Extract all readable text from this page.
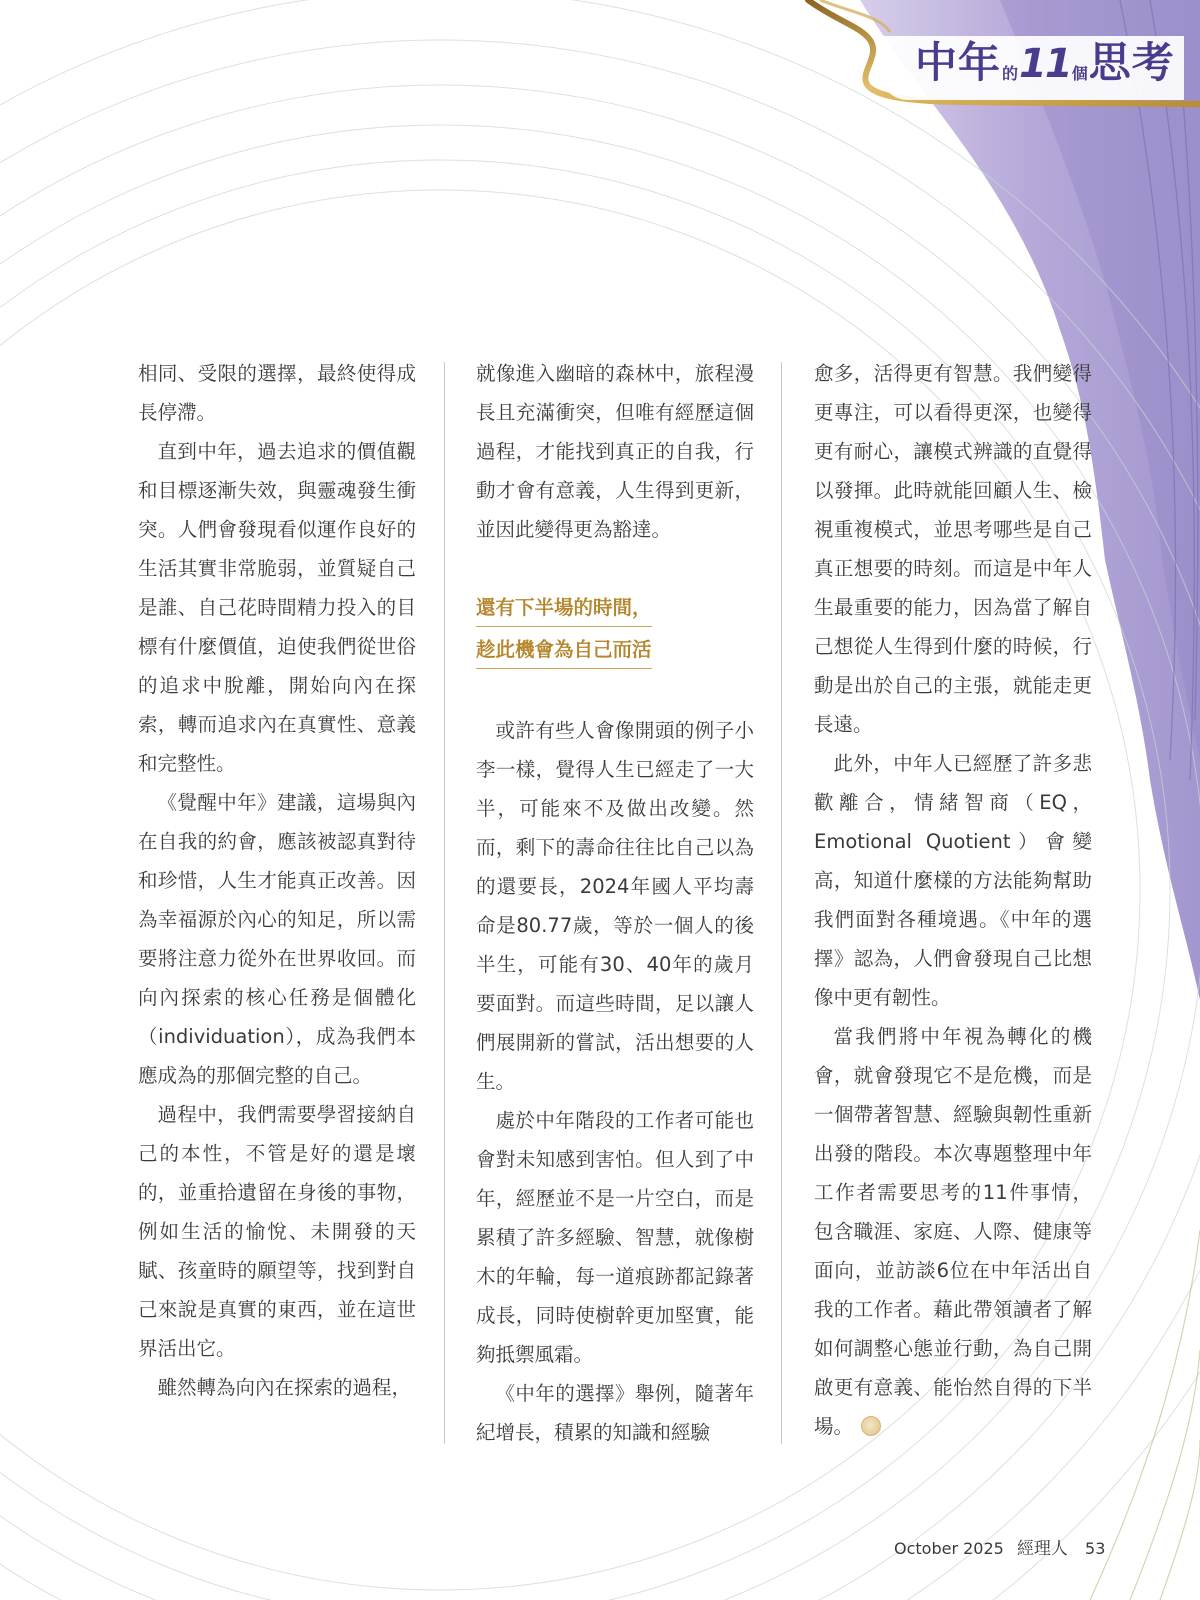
中年的11個思考

相同、受限的選擇，最終使得成長停滯。

直到中年，過去追求的價值觀和目標逐漸失效，與靈魂發生衝突。人們會發現看似運作良好的生活其實非常脆弱，並質疑自己是誰、自己花時間精力投入的目標有什麼價值，迫使我們從世俗的追求中脫離，開始向內在探索，轉而追求內在真實性、意義和完整性。

《覺醒中年》建議，這場與內在自我的約會，應該被認真對待和珍惜，人生才能真正改善。因為幸福源於內心的知足，所以需要將注意力從外在世界收回。而向內探索的核心任務是個體化（individuation），成為我們本應成為的那個完整的自己。

過程中，我們需要學習接納自己的本性，不管是好的還是壞的，並重拾遺留在身後的事物，例如生活的愉悅、未開發的天賦、孩童時的願望等，找到對自己來說是真實的東西，並在這世界活出它。

雖然轉為向內在探索的過程，

就像進入幽暗的森林中，旅程漫長且充滿衝突，但唯有經歷這個過程，才能找到真正的自我，行動才會有意義，人生得到更新，並因此變得更為豁達。

還有下半場的時間，
趁此機會為自己而活

或許有些人會像開頭的例子小李一樣，覺得人生已經走了一大半，可能來不及做出改變。然而，剩下的壽命往往比自己以為的還要長，2024年國人平均壽命是80.77歲，等於一個人的後半生，可能有30、40年的歲月要面對。而這些時間，足以讓人們展開新的嘗試，活出想要的人生。

處於中年階段的工作者可能也會對未知感到害怕。但人到了中年，經歷並不是一片空白，而是累積了許多經驗、智慧，就像樹木的年輪，每一道痕跡都記錄著成長，同時使樹幹更加堅實，能夠抵禦風霜。

《中年的選擇》舉例，隨著年紀增長，積累的知識和經驗

愈多，活得更有智慧。我們變得更專注，可以看得更深，也變得更有耐心，讓模式辨識的直覺得以發揮。此時就能回顧人生、檢視重複模式，並思考哪些是自己真正想要的時刻。而這是中年人生最重要的能力，因為當了解自己想從人生得到什麼的時候，行動是出於自己的主張，就能走更長遠。

此外，中年人已經歷了許多悲歡離合，情緒智商（EQ，Emotional Quotient）會變高，知道什麼樣的方法能夠幫助我們面對各種境遇。《中年的選擇》認為，人們會發現自己比想像中更有韌性。

當我們將中年視為轉化的機會，就會發現它不是危機，而是一個帶著智慧、經驗與韌性重新出發的階段。本次專題整理中年工作者需要思考的11件事情，包含職涯、家庭、人際、健康等面向，並訪談6位在中年活出自我的工作者。藉此帶領讀者了解如何調整心態並行動，為自己開啟更有意義、能怡然自得的下半場。

October 2025 經理人 53
